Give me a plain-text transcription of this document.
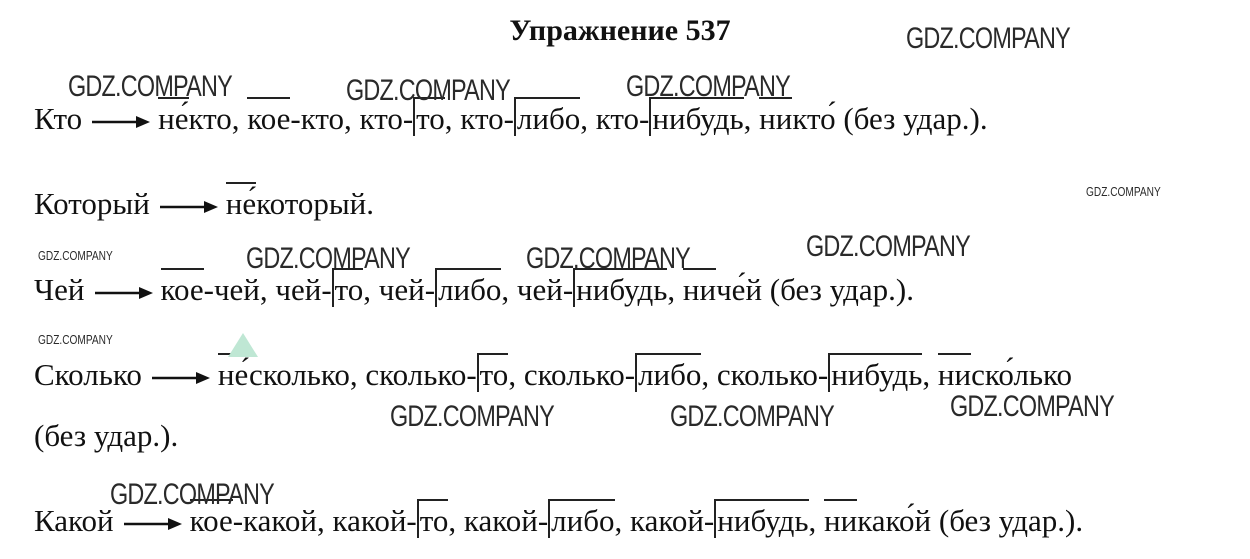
Упражнение 537
Кто не́кто, кое-кто, кто-то, кто-либо, кто-нибудь, никто́ (без удар.).
Который не́который.
Чей кое-чей, чей-то, чей-либо, чей-нибудь, ниче́й (без удар.).
Сколько не́сколько, сколько-то, сколько-либо, сколько-нибудь, ниско́лько
(без удар.).
Какой кое-какой, какой-то, какой-либо, какой-нибудь, никако́й (без удар.).
GDZ.COMPANY
GDZ.COMPANY	GDZ.COMPANY	GDZ.COMPANY
GDZ.COMPANY
GDZ.COMPANY	GDZ.COMPANY	GDZ.COMPANY	GDZ.COMPANY
GDZ.COMPANY
GDZ.COMPANY	GDZ.COMPANY	GDZ.COMPANY
GDZ.COMPANY
